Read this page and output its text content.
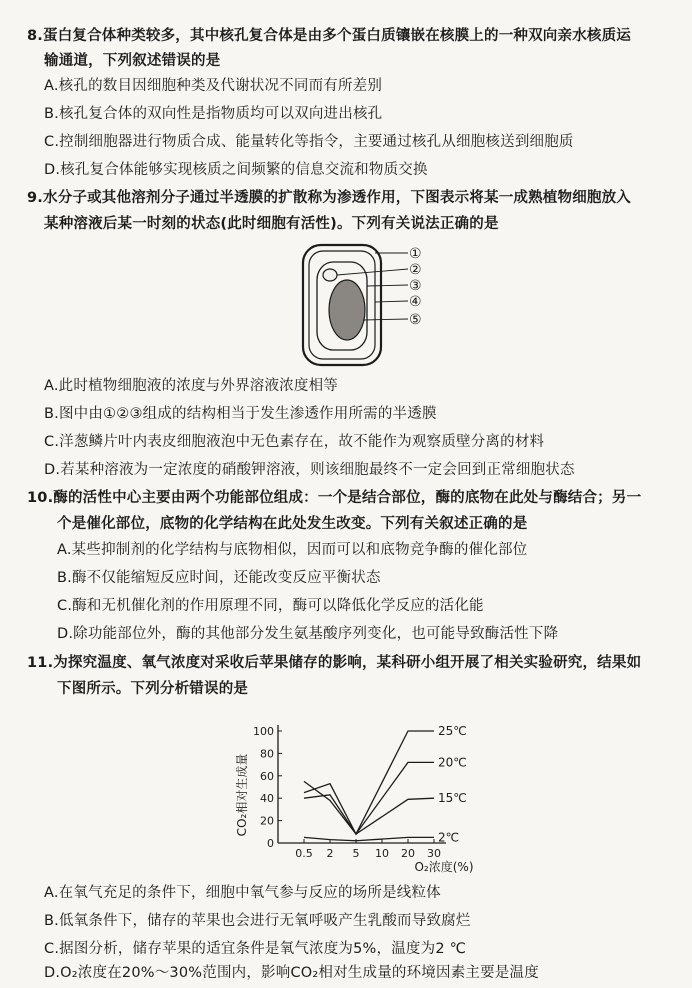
8.蛋白复合体种类较多，其中核孔复合体是由多个蛋白质镶嵌在核膜上的一种双向亲水核质运
输通道，下列叙述错误的是
A.核孔的数目因细胞种类及代谢状况不同而有所差别
B.核孔复合体的双向性是指物质均可以双向进出核孔
C.控制细胞器进行物质合成、能量转化等指令，主要通过核孔从细胞核送到细胞质
D.核孔复合体能够实现核质之间频繁的信息交流和物质交换
9.水分子或其他溶剂分子通过半透膜的扩散称为渗透作用，下图表示将某一成熟植物细胞放入
某种溶液后某一时刻的状态(此时细胞有活性)。下列有关说法正确的是
①
②
③
④
⑤
A.此时植物细胞液的浓度与外界溶液浓度相等
B.图中由①②③组成的结构相当于发生渗透作用所需的半透膜
C.洋葱鳞片叶内表皮细胞液泡中无色素存在，故不能作为观察质壁分离的材料
D.若某种溶液为一定浓度的硝酸钾溶液，则该细胞最终不一定会回到正常细胞状态
10.酶的活性中心主要由两个功能部位组成：一个是结合部位，酶的底物在此处与酶结合；另一
个是催化部位，底物的化学结构在此处发生改变。下列有关叙述正确的是
A.某些抑制剂的化学结构与底物相似，因而可以和底物竞争酶的催化部位
B.酶不仅能缩短反应时间，还能改变反应平衡状态
C.酶和无机催化剂的作用原理不同，酶可以降低化学反应的活化能
D.除功能部位外，酶的其他部分发生氨基酸序列变化，也可能导致酶活性下降
11.为探究温度、氧气浓度对采收后苹果储存的影响，某科研小组开展了相关实验研究，结果如
下图所示。下列分析错误的是
CO₂相对生成量
0
20
40
60
80
100
0.5 2 5 10 20 30
25℃
20℃
15℃
2℃
O₂浓度(%)
A.在氧气充足的条件下，细胞中氧气参与反应的场所是线粒体
B.低氧条件下，储存的苹果也会进行无氧呼吸产生乳酸而导致腐烂
C.据图分析，储存苹果的适宜条件是氧气浓度为5%，温度为2 ℃
D.O₂浓度在20%～30%范围内，影响CO₂相对生成量的环境因素主要是温度
